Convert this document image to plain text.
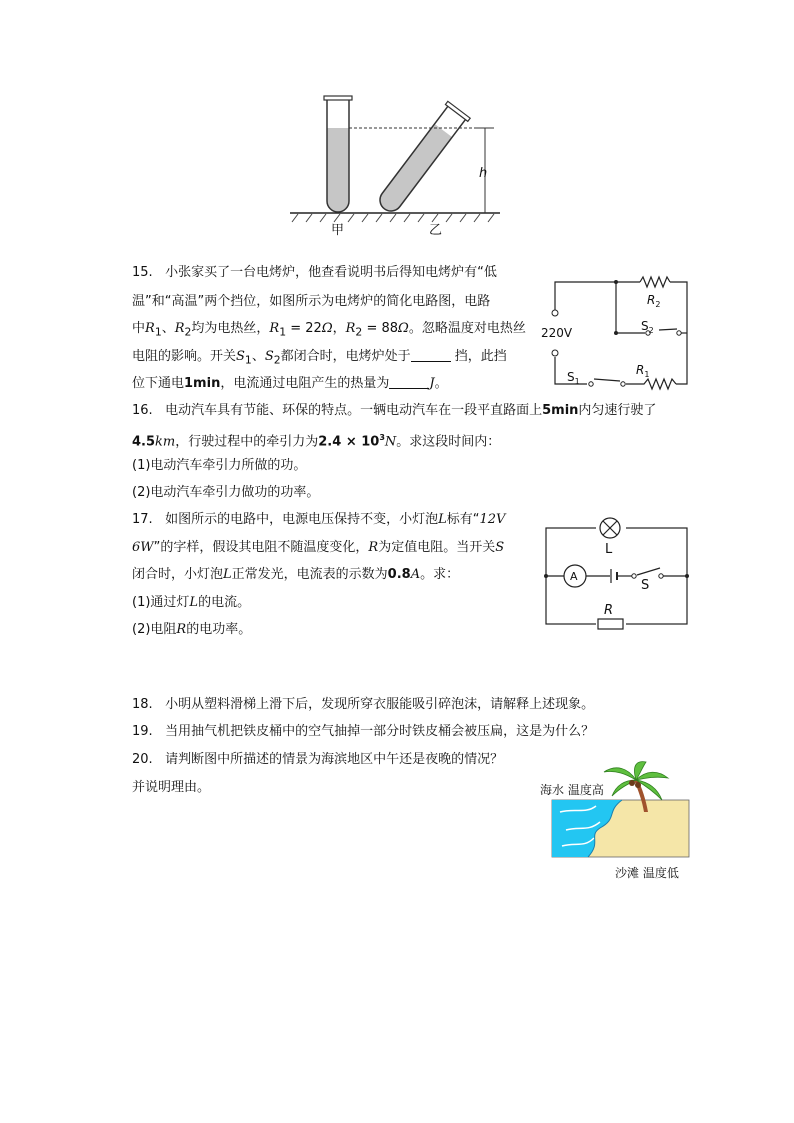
h
甲	乙
15. 小张家买了一台电烤炉，他查看说明书后得知电烤炉有“低
温”和“高温”两个挡位，如图所示为电烤炉的简化电路图，电路
中$R_1$、$R_2$均为电热丝，$R_1 = 22\Omega$，$R_2 = 88\Omega$。忽略温度对电热丝
电阻的影响。开关$S_1$、$S_2$都闭合时，电烤炉处于	挡，此挡
位下通电1min，电流通过电阻产生的热量为	J。
220V
$R_2$
$S_2$
$S_1$
$R_1$
16. 电动汽车具有节能、环保的特点。一辆电动汽车在一段平直路面上5min内匀速行驶了
4.5km，行驶过程中的牵引力为$2.4 \times 10^3N$。求这段时间内：
(1)电动汽车牵引力所做的功。
(2)电动汽车牵引力做功的功率。
17. 如图所示的电路中，电源电压保持不变，小灯泡L标有“12V
6W”的字样，假设其电阻不随温度变化，R为定值电阻。当开关S
闭合时，小灯泡L正常发光，电流表的示数为0.8A。求：
(1)通过灯L的电流。
(2)电阻R的电功率。
L
A
S
R
18. 小明从塑料滑梯上滑下后，发现所穿衣服能吸引碎泡沫，请解释上述现象。
19. 当用抽气机把铁皮桶中的空气抽掉一部分时铁皮桶会被压扁，这是为什么？
20. 请判断图中所描述的情景为海滨地区中午还是夜晚的情况？
并说明理由。	海水 温度高
沙滩 温度低
